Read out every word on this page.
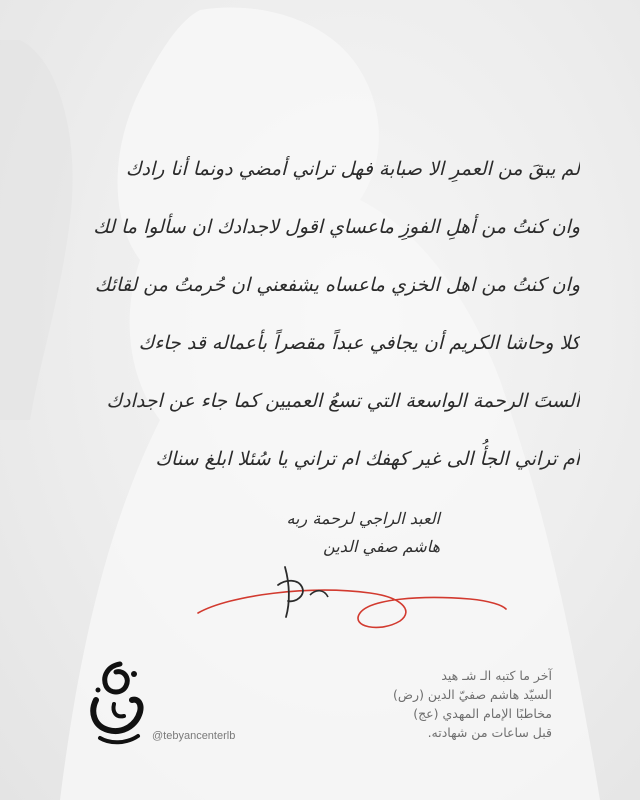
لم يبقَ من العمرِ الا صبابة فهل تراني أمضي دونما أنا رادك
وان كنتُ من أهلِ الفوزِ ماعساي اقول لاجدادك ان سألوا ما لك
وان كنتُ من اهل الخزي ماعساه يشفعني ان حُرمتُ من لقائك
كلا وحاشا الكريم أن يجافي عبداً مقصراً بأعماله قد جاءك
ألستَ الرحمة الواسعة التي تسعُ العميين كما جاء عن اجدادك
أم تراني الجأُ الى غير كهفك ام تراني يا سُئلا ابلغ سناك
العبد الراجي لرحمة ربه
هاشم صفي الدين
@tebyancenterlb
آخر ما كتبه الـ شـ هيد
السيّد هاشم صفيّ الدين (رض)
مخاطبًا الإمام المهدي (عج)
قبل ساعات من شهادته.
